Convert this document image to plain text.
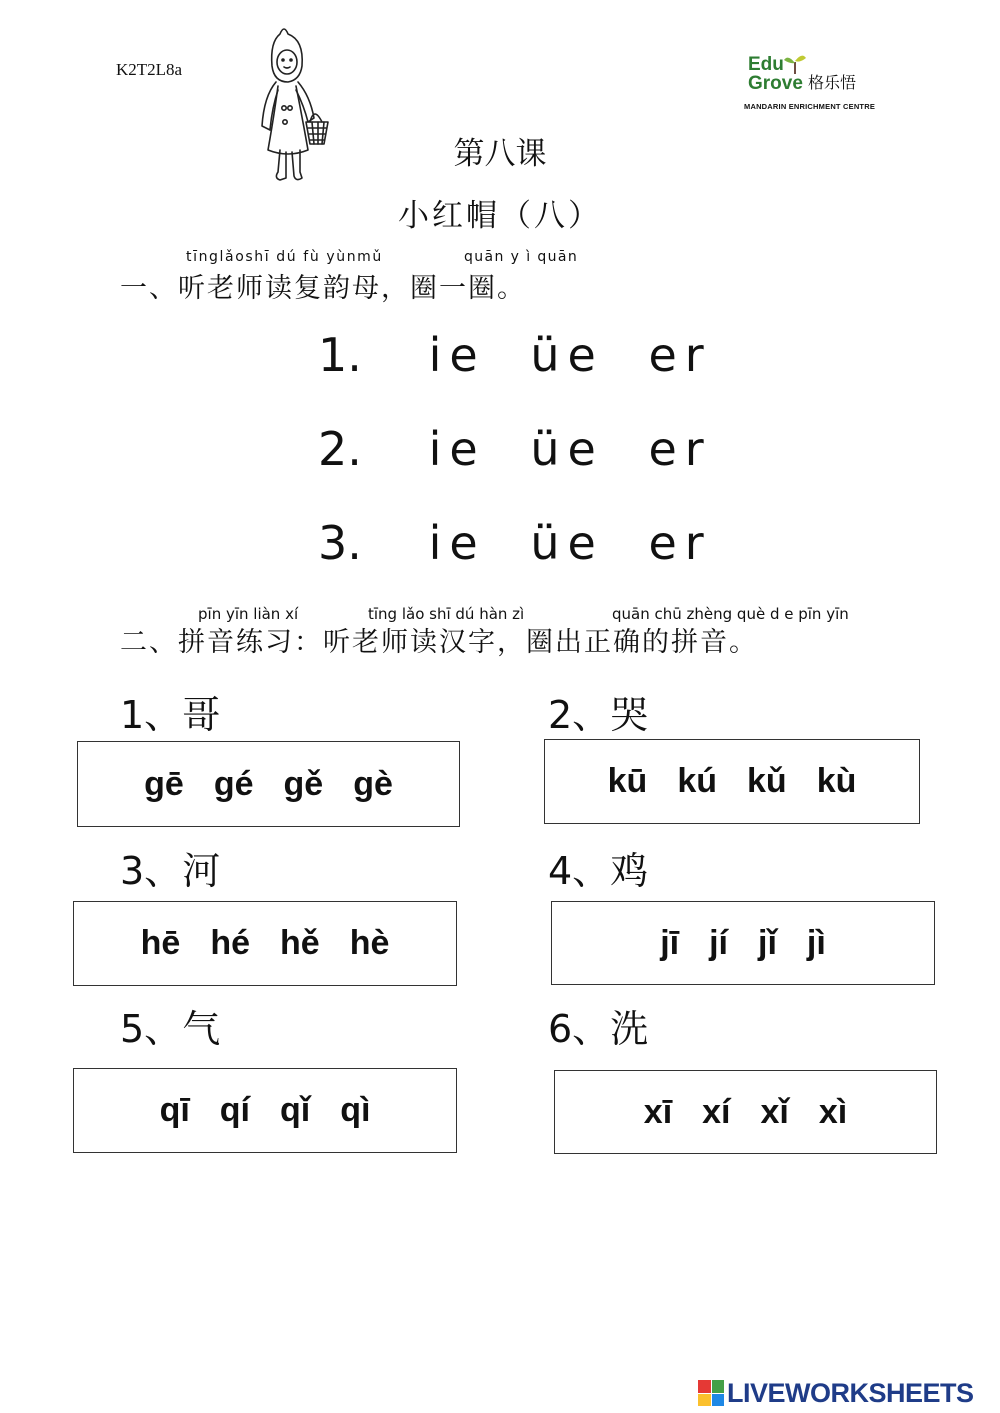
K2T2L8a	Edu
Grove 格乐悟
MANDARIN ENRICHMENT CENTRE
第八课
小红帽（八）
tīnglǎoshī dú fù yùnmǔ	quān y ì quān
一、听老师读复韵母，圈一圈。
1. ie üe er
2. ie üe er
3. ie üe er
pīn yīn liàn xí	tīng lǎo shī dú hàn zì	quān chū zhèng què d e pīn yīn
二、拼音练习：听老师读汉字，圈出正确的拼音。
1、哥
gē gé gě gè
2、哭
kū kú kǔ kù
3、河
hē hé hě hè
4、鸡
jī jí jǐ jì
5、气
qī qí qǐ qì
6、洗
xī xí xǐ xì
LIVEWORKSHEETS
